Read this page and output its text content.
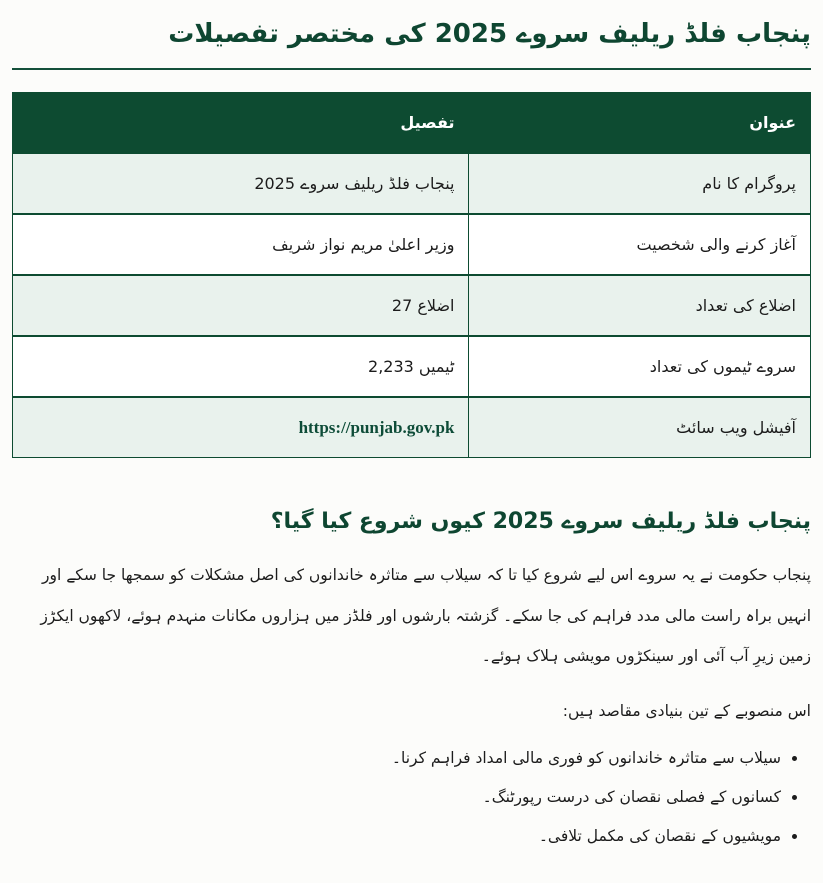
پنجاب فلڈ ریلیف سروے 2025 کی مختصر تفصیلات
عنوان	تفصیل
پروگرام کا نام	پنجاب فلڈ ریلیف سروے 2025
آغاز کرنے والی شخصیت	وزیر اعلیٰ مریم نواز شریف
اضلاع کی تعداد	27 اضلاع
سروے ٹیموں کی تعداد	2,233 ٹیمیں
آفیشل ویب سائٹ	https://punjab.gov.pk
پنجاب فلڈ ریلیف سروے 2025 کیوں شروع کیا گیا؟

پنجاب حکومت نے یہ سروے اس لیے شروع کیا تا کہ سیلاب سے متاثرہ خاندانوں کی اصل مشکلات کو سمجھا جا سکے اور انہیں براہ راست مالی مدد فراہم کی جا سکے۔ گزشتہ بارشوں اور فلڈز میں ہزاروں مکانات منہدم ہوئے، لاکھوں ایکڑز زمین زیرِ آب آئی اور سینکڑوں مویشی ہلاک ہوئے۔

اس منصوبے کے تین بنیادی مقاصد ہیں:

• سیلاب سے متاثرہ خاندانوں کو فوری مالی امداد فراہم کرنا۔
• کسانوں کے فصلی نقصان کی درست رپورٹنگ۔
• مویشیوں کے نقصان کی مکمل تلافی۔
